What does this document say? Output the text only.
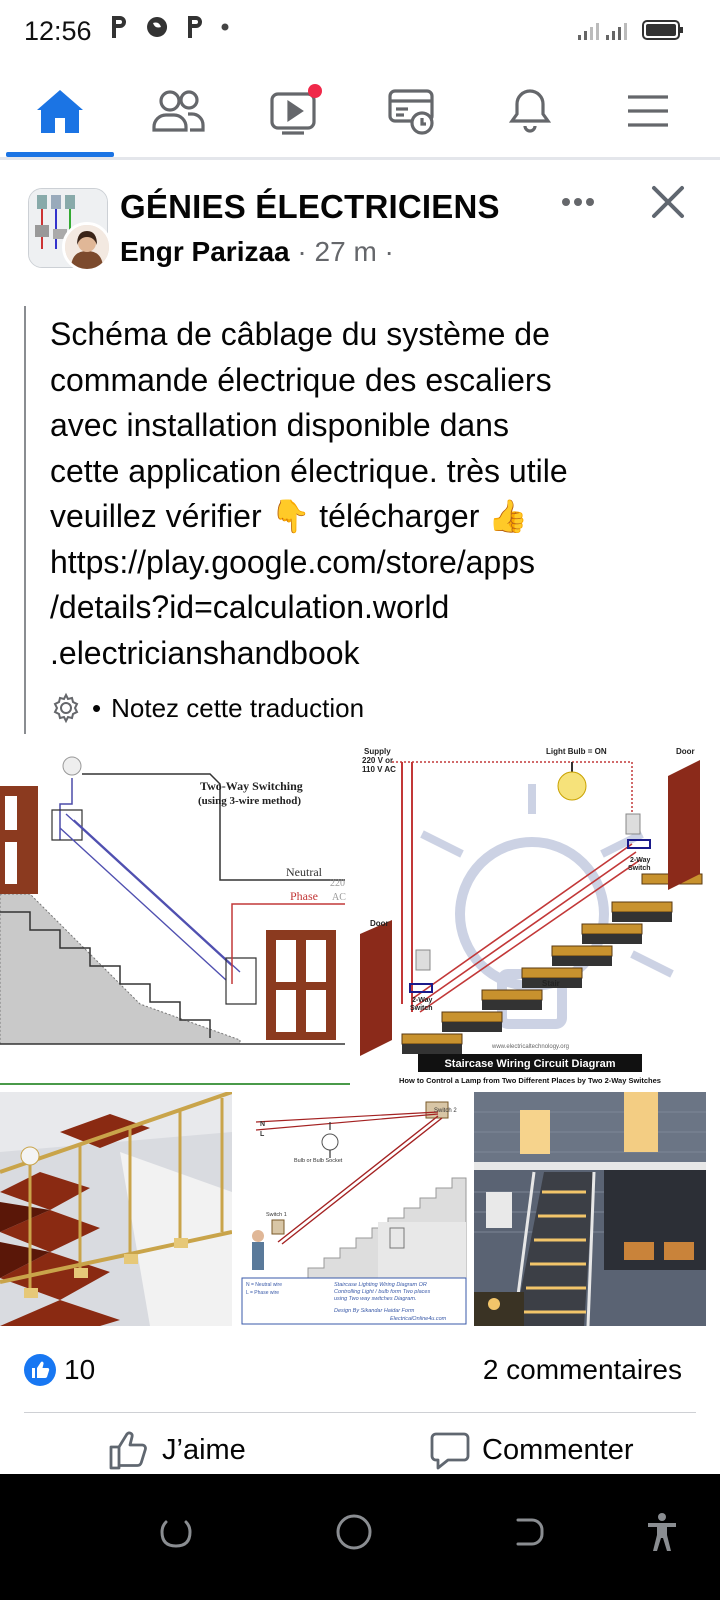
12:56
GÉNIES ÉLECTRICIENS
Engr Parizaa · 27 m ·
Schéma de câblage du système de
commande électrique des escaliers
avec installation disponible dans
cette application électrique. très utile
veuillez vérifier 👇 télécharger 👍
https://play.google.com/store/apps
/details?id=calculation.world
.electricianshandbook
• Notez cette traduction
Two-Way Switching
(using 3-wire method)
Neutral
Phase
220
AC
Supply
220 V or
110 V AC
Light Bulb = ON	Door
Door
2-Way
Switch
2-Way
Switch
Stair
www.electricaltechnology.org
Staircase Wiring Circuit Diagram
How to Control a Lamp from Two Different Places by Two 2-Way Switches
Switch 2
N
L
Bulb or Bulb Socket
Switch 1
N = Neutral wire
L = Phase wire
Staircase Lighting Wiring Diagram OR
Controlling Light / bulb form Two places
using Two way switches Diagram.
Design By Sikandar Haidar Form
ElectricalOnline4u.com
10	2 commentaires
J’aime	Commenter
